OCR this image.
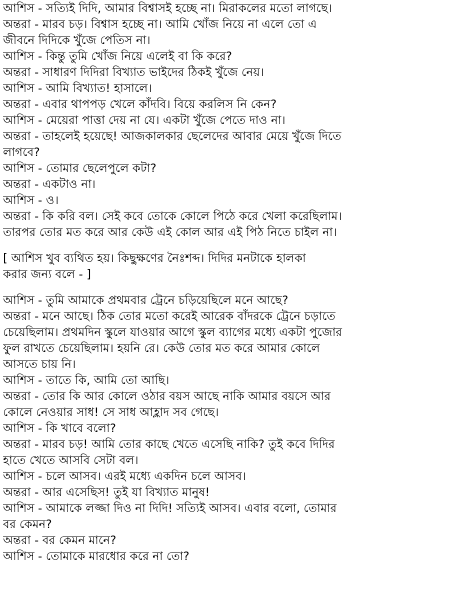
আশিস - সত্যিই দিদি, আমার বিশ্বাসই হচ্ছে না। মিরাকলের মতো লাগছে।
অন্তরা - মারব চড়। বিশ্বাস হচ্ছে না। আমি খোঁজ নিয়ে না এলে তো এ
জীবনে দিদিকে খুঁজে পেতিস না।
আশিস - কিন্তু তুমি খোঁজ নিয়ে এলেই বা কি করে?
অন্তরা - সাধারণ দিদিরা বিখ্যাত ভাইদের ঠিকই খুঁজে নেয়।
আশিস - আমি বিখ্যাত! হাসালে।
অন্তরা - এবার থাপপড় খেলে কাঁদবি। বিয়ে করলিস নি কেন?
আশিস - মেয়েরা পাত্তা দেয় না যে। একটা খুঁজে পেতে দাও না।
অন্তরা - তাহলেই হয়েছে! আজকালকার ছেলেদের আবার মেয়ে খুঁজে দিতে
লাগবে?
আশিস - তোমার ছেলেপুলে কটা?
অন্তরা - একটাও না।
আশিস - ও।
অন্তরা - কি করি বল। সেই কবে তোকে কোলে পিঠে করে খেলা করেছিলাম।
তারপর তোর মত করে আর কেউ এই কোল আর এই পিঠ নিতে চাইল না।
[ আশিস খুব ব্যথিত হয়। কিছুক্ষণের নৈঃশব্দ। দিদির মনটাকে হালকা
করার জন্য বলে - ]
আশিস - তুমি আমাকে প্রথমবার ট্রেনে চড়িয়েছিলে মনে আছে?
অন্তরা - মনে আছে। ঠিক তোর মতো করেই আরেক বাঁদরকে ট্রেনে চড়াতে
চেয়েছিলাম। প্রথমদিন স্কুলে যাওয়ার আগে স্কুল ব্যাগের মধ্যে একটা পুজোর
ফুল রাখতে চেয়েছিলাম। হয়নি রে। কেউ তোর মত করে আমার কোলে
আসতে চায় নি।
আশিস - তাতে কি, আমি তো আছি।
অন্তরা - তোর কি আর কোলে ওঠার বয়স আছে নাকি আমার বয়সে আর
কোলে নেওয়ার সাধ! সে সাধ আহ্লাদ সব গেছে।
আশিস - কি খাবে বলো?
অন্তরা - মারব চড়! আমি তোর কাছে খেতে এসেছি নাকি? তুই কবে দিদির
হাতে খেতে আসবি সেটা বল।
আশিস - চলে আসব। এরই মধ্যে একদিন চলে আসব।
অন্তরা - আর এসেছিস! তুই যা বিখ্যাত মানুষ!
আশিস - আমাকে লজ্জা দিও না দিদি! সত্যিই আসব। এবার বলো, তোমার
বর কেমন?
অন্তরা - বর কেমন মানে?
আশিস - তোমাকে মারধোর করে না তো?
